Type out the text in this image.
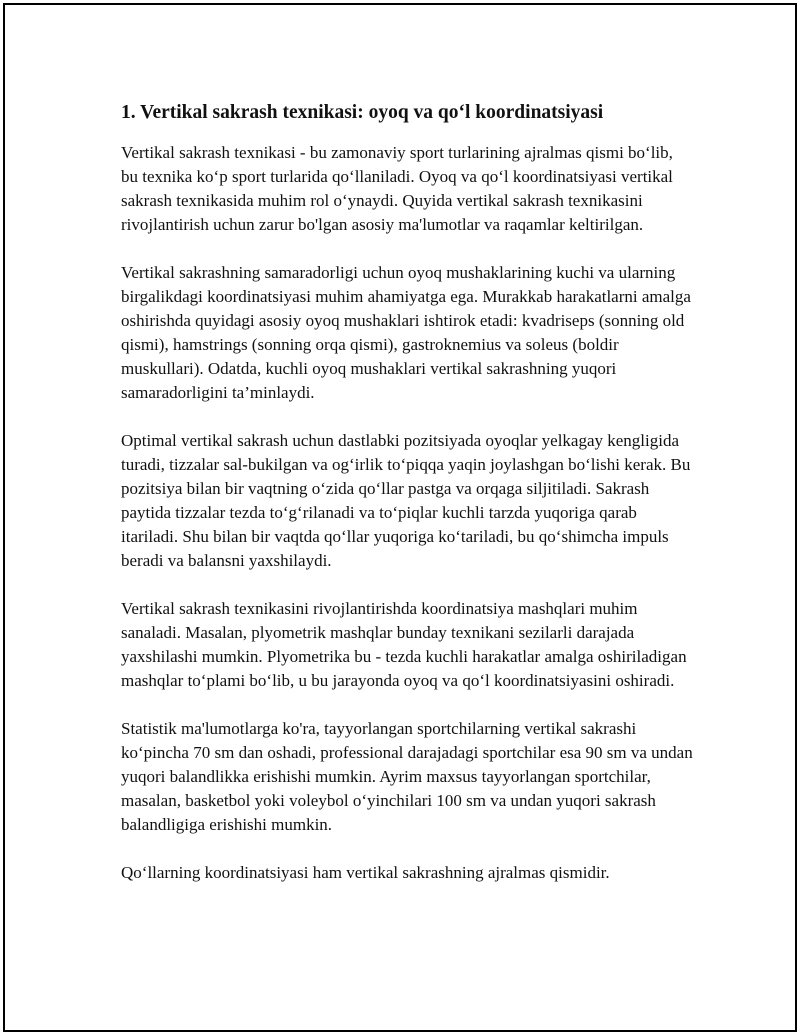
1. Vertikal sakrash texnikasi: oyoq va qo‘l koordinatsiyasi

Vertikal sakrash texnikasi - bu zamonaviy sport turlarining ajralmas qismi bo‘lib, bu texnika ko‘p sport turlarida qo‘llaniladi. Oyoq va qo‘l koordinatsiyasi vertikal sakrash texnikasida muhim rol o‘ynaydi. Quyida vertikal sakrash texnikasini rivojlantirish uchun zarur bo'lgan asosiy ma'lumotlar va raqamlar keltirilgan.

Vertikal sakrashning samaradorligi uchun oyoq mushaklarining kuchi va ularning birgalikdagi koordinatsiyasi muhim ahamiyatga ega. Murakkab harakatlarni amalga oshirishda quyidagi asosiy oyoq mushaklari ishtirok etadi: kvadriseps (sonning old qismi), hamstrings (sonning orqa qismi), gastroknemius va soleus (boldir muskullari). Odatda, kuchli oyoq mushaklari vertikal sakrashning yuqori samaradorligini ta’minlaydi.

Optimal vertikal sakrash uchun dastlabki pozitsiyada oyoqlar yelkagay kengligida turadi, tizzalar sal-bukilgan va og‘irlik to‘piqqa yaqin joylashgan bo‘lishi kerak. Bu pozitsiya bilan bir vaqtning o‘zida qo‘llar pastga va orqaga siljitiladi. Sakrash paytida tizzalar tezda to‘g‘rilanadi va to‘piqlar kuchli tarzda yuqoriga qarab itariladi. Shu bilan bir vaqtda qo‘llar yuqoriga ko‘tariladi, bu qo‘shimcha impuls beradi va balansni yaxshilaydi.

Vertikal sakrash texnikasini rivojlantirishda koordinatsiya mashqlari muhim sanaladi. Masalan, plyometrik mashqlar bunday texnikani sezilarli darajada yaxshilashi mumkin. Plyometrika bu - tezda kuchli harakatlar amalga oshiriladigan mashqlar to‘plami bo‘lib, u bu jarayonda oyoq va qo‘l koordinatsiyasini oshiradi.

Statistik ma'lumotlarga ko'ra, tayyorlangan sportchilarning vertikal sakrashi ko‘pincha 70 sm dan oshadi, professional darajadagi sportchilar esa 90 sm va undan yuqori balandlikka erishishi mumkin. Ayrim maxsus tayyorlangan sportchilar, masalan, basketbol yoki voleybol o‘yinchilari 100 sm va undan yuqori sakrash balandligiga erishishi mumkin.

Qo‘llarning koordinatsiyasi ham vertikal sakrashning ajralmas qismidir.
